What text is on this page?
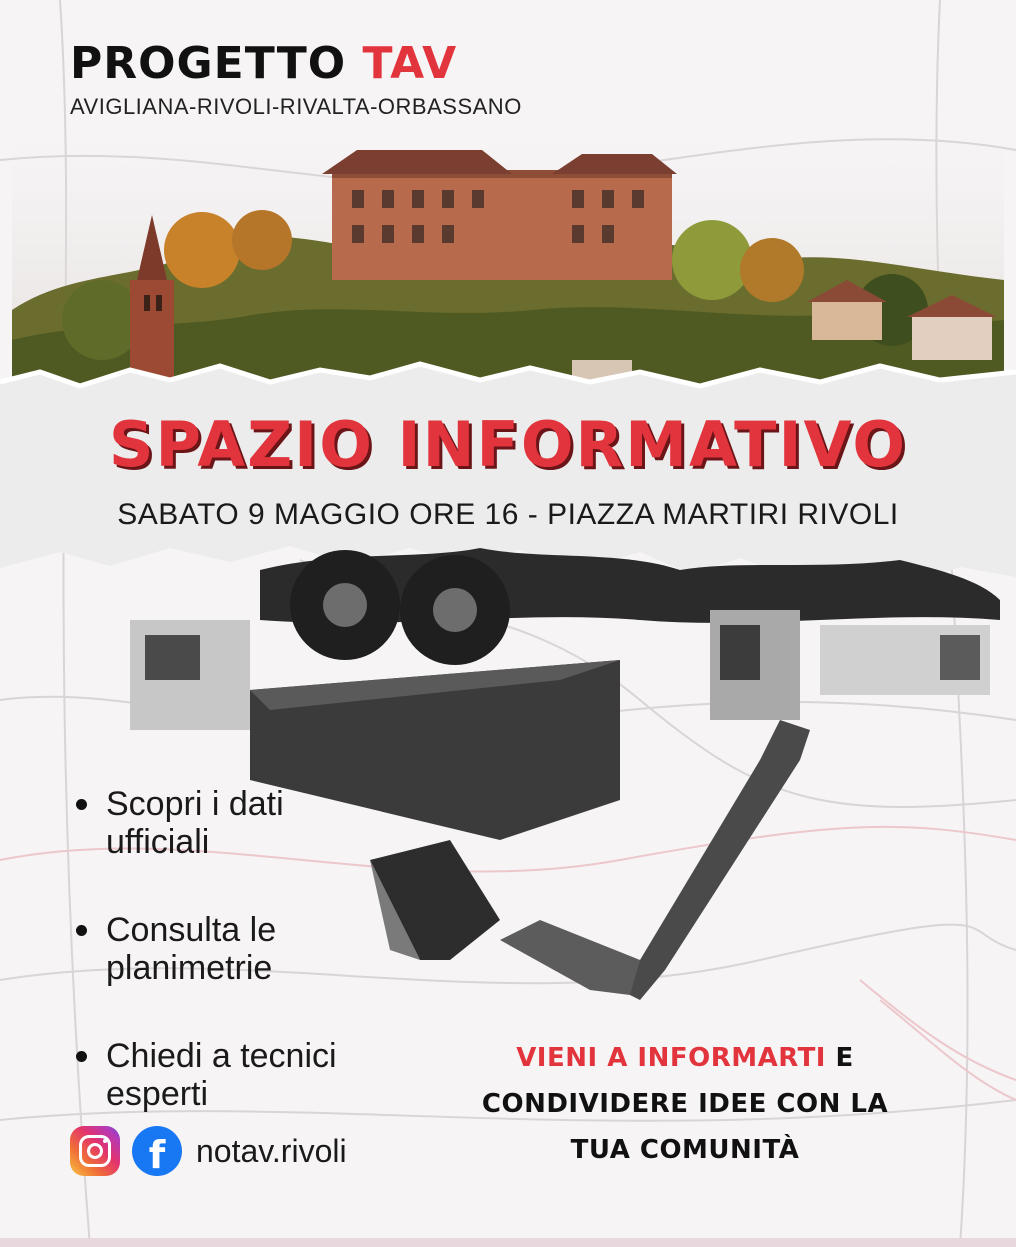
PROGETTO TAV
AVIGLIANA-RIVOLI-RIVALTA-ORBASSANO
SPAZIO INFORMATIVO
SABATO 9 MAGGIO ORE 16 - PIAZZA MARTIRI RIVOLI
Scopri i dati
ufficiali
Consulta le
planimetrie
Chiedi a tecnici
esperti
f notav.rivoli
VIENI A INFORMARTI E
CONDIVIDERE IDEE CON LA
TUA COMUNITÀ
